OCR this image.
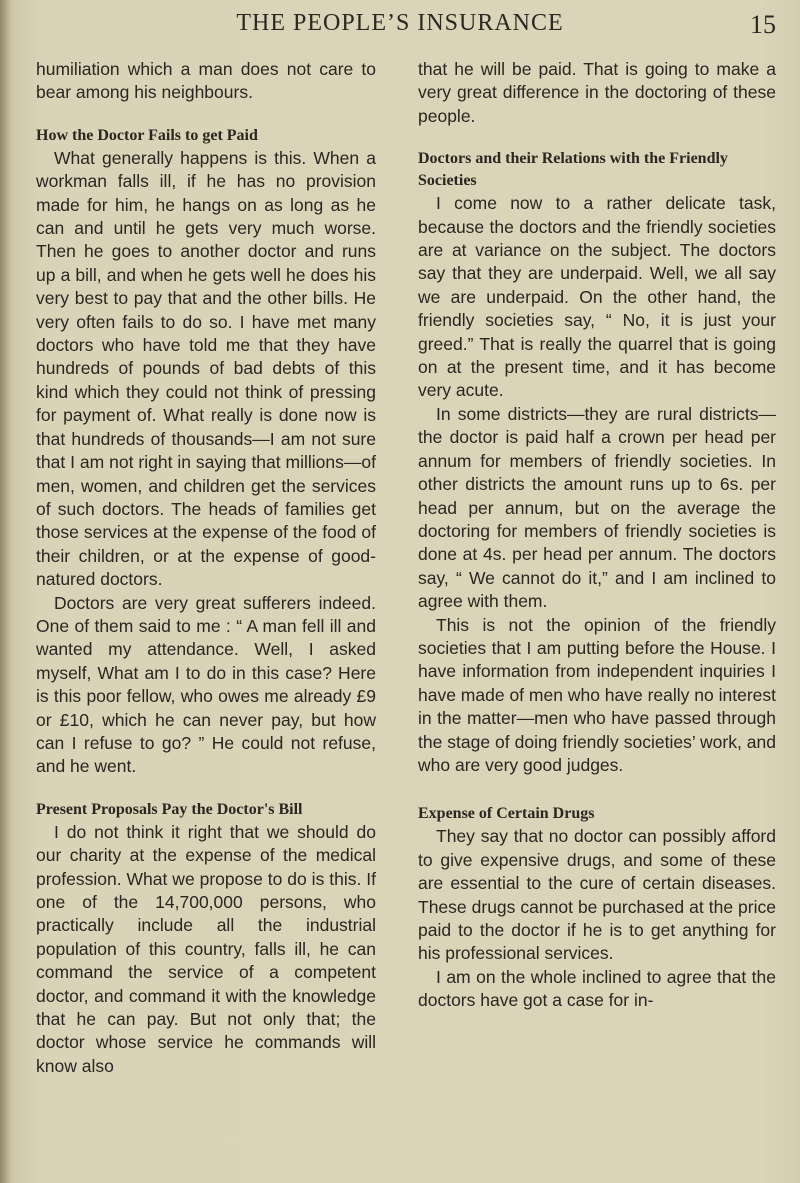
THE PEOPLE’S INSURANCE	15

humiliation which a man does not care to bear among his neighbours.

How the Doctor Fails to get Paid

What generally happens is this. When a workman falls ill, if he has no provision made for him, he hangs on as long as he can and until he gets very much worse. Then he goes to another doctor and runs up a bill, and when he gets well he does his very best to pay that and the other bills. He very often fails to do so. I have met many doctors who have told me that they have hundreds of pounds of bad debts of this kind which they could not think of pressing for payment of. What really is done now is that hundreds of thousands—I am not sure that I am not right in saying that millions—of men, women, and children get the services of such doctors. The heads of families get those services at the expense of the food of their children, or at the expense of good-natured doctors.

Doctors are very great sufferers indeed. One of them said to me : “ A man fell ill and wanted my attendance. Well, I asked myself, What am I to do in this case? Here is this poor fellow, who owes me already £9 or £10, which he can never pay, but how can I refuse to go? ” He could not refuse, and he went.

Present Proposals Pay the Doctor's Bill

I do not think it right that we should do our charity at the expense of the medical profession. What we propose to do is this. If one of the 14,700,000 persons, who practically include all the industrial population of this country, falls ill, he can command the service of a competent doctor, and command it with the knowledge that he can pay. But not only that; the doctor whose service he commands will know also

that he will be paid. That is going to make a very great difference in the doctoring of these people.

Doctors and their Relations with the Friendly Societies

I come now to a rather delicate task, because the doctors and the friendly societies are at variance on the subject. The doctors say that they are underpaid. Well, we all say we are underpaid. On the other hand, the friendly societies say, “ No, it is just your greed.” That is really the quarrel that is going on at the present time, and it has become very acute.

In some districts—they are rural districts—the doctor is paid half a crown per head per annum for members of friendly societies. In other districts the amount runs up to 6s. per head per annum, but on the average the doctoring for members of friendly societies is done at 4s. per head per annum. The doctors say, “ We cannot do it,” and I am inclined to agree with them.

This is not the opinion of the friendly societies that I am putting before the House. I have information from independent inquiries I have made of men who have really no interest in the matter—men who have passed through the stage of doing friendly societies’ work, and who are very good judges.

Expense of Certain Drugs

They say that no doctor can possibly afford to give expensive drugs, and some of these are essential to the cure of certain diseases. These drugs cannot be purchased at the price paid to the doctor if he is to get anything for his professional services.

I am on the whole inclined to agree that the doctors have got a case for in-
